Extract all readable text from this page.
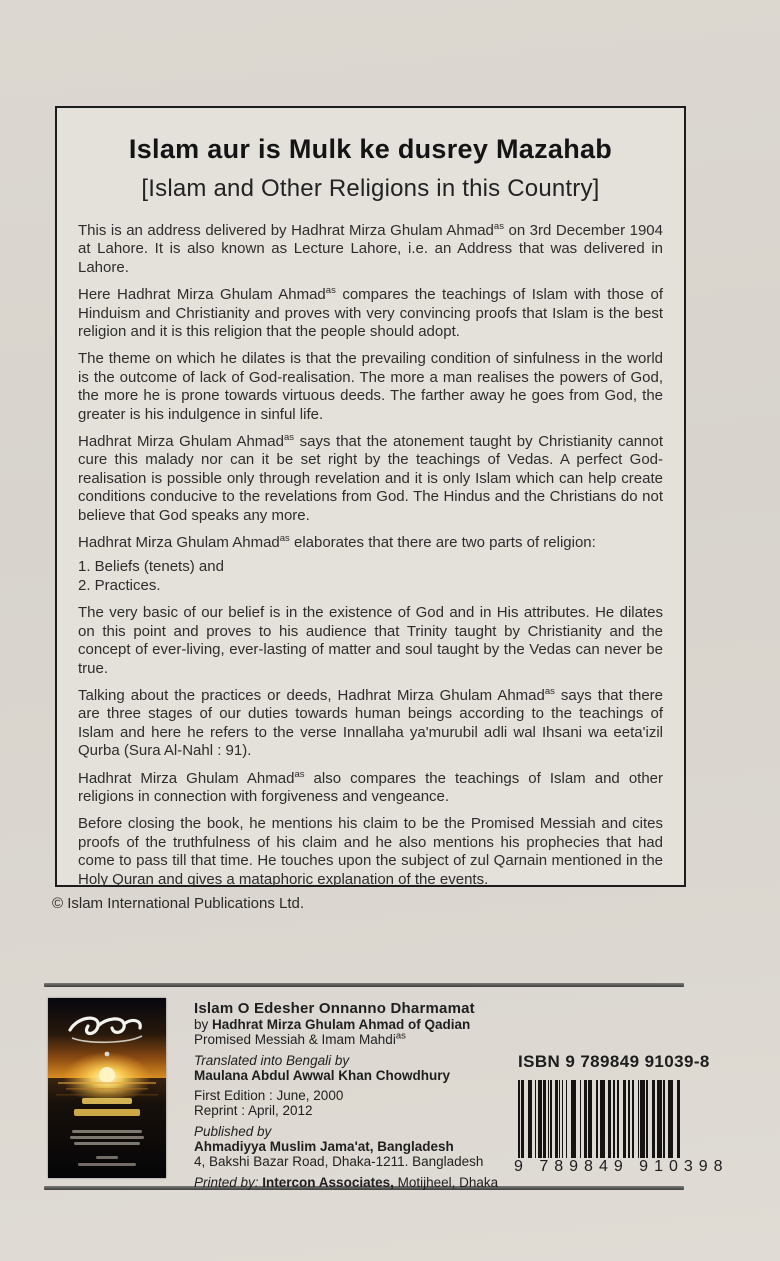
Islam aur is Mulk ke dusrey Mazahab
[Islam and Other Religions in this Country]

This is an address delivered by Hadhrat Mirza Ghulam Ahmad$^{as}$ on 3rd December 1904 at Lahore. It is also known as Lecture Lahore, i.e. an Address that was delivered in Lahore.

Here Hadhrat Mirza Ghulam Ahmad$^{as}$ compares the teachings of Islam with those of Hinduism and Christianity and proves with very convincing proofs that Islam is the best religion and it is this religion that the people should adopt.

The theme on which he dilates is that the prevailing condition of sinfulness in the world is the outcome of lack of God-realisation. The more a man realises the powers of God, the more he is prone towards virtuous deeds. The farther away he goes from God, the greater is his indulgence in sinful life.

Hadhrat Mirza Ghulam Ahmad$^{as}$ says that the atonement taught by Christianity cannot cure this malady nor can it be set right by the teachings of Vedas. A perfect God-realisation is possible only through revelation and it is only Islam which can help create conditions conducive to the revelations from God. The Hindus and the Christians do not believe that God speaks any more.

Hadhrat Mirza Ghulam Ahmad$^{as}$ elaborates that there are two parts of religion:

1. Beliefs (tenets) and

2. Practices.

The very basic of our belief is in the existence of God and in His attributes. He dilates on this point and proves to his audience that Trinity taught by Christianity and the concept of ever-living, ever-lasting of matter and soul taught by the Vedas can never be true.

Talking about the practices or deeds, Hadhrat Mirza Ghulam Ahmad$^{as}$ says that there are three stages of our duties towards human beings according to the teachings of Islam and here he refers to the verse Innallaha ya'murubil adli wal Ihsani wa eeta'izil Qurba (Sura Al-Nahl : 91).

Hadhrat Mirza Ghulam Ahmad$^{as}$ also compares the teachings of Islam and other religions in connection with forgiveness and vengeance.

Before closing the book, he mentions his claim to be the Promised Messiah and cites proofs of the truthfulness of his claim and he also mentions his prophecies that had come to pass till that time. He touches upon the subject of zul Qarnain mentioned in the Holy Quran and gives a mataphoric explanation of the events.

© Islam International Publications Ltd.
Islam O Edesher Onnanno Dharmamat
by Hadhrat Mirza Ghulam Ahmad of Qadian
Promised Messiah & Imam Mahdi$^{as}$
Translated into Bengali by
Maulana Abdul Awwal Khan Chowdhury
First Edition : June, 2000
Reprint : April, 2012
Published by
Ahmadiyya Muslim Jama'at, Bangladesh
4, Bakshi Bazar Road, Dhaka-1211. Bangladesh
Printed by: Intercon Associates, Motijheel, Dhaka
ISBN 9 789849 91039-8
9 789849 910398
